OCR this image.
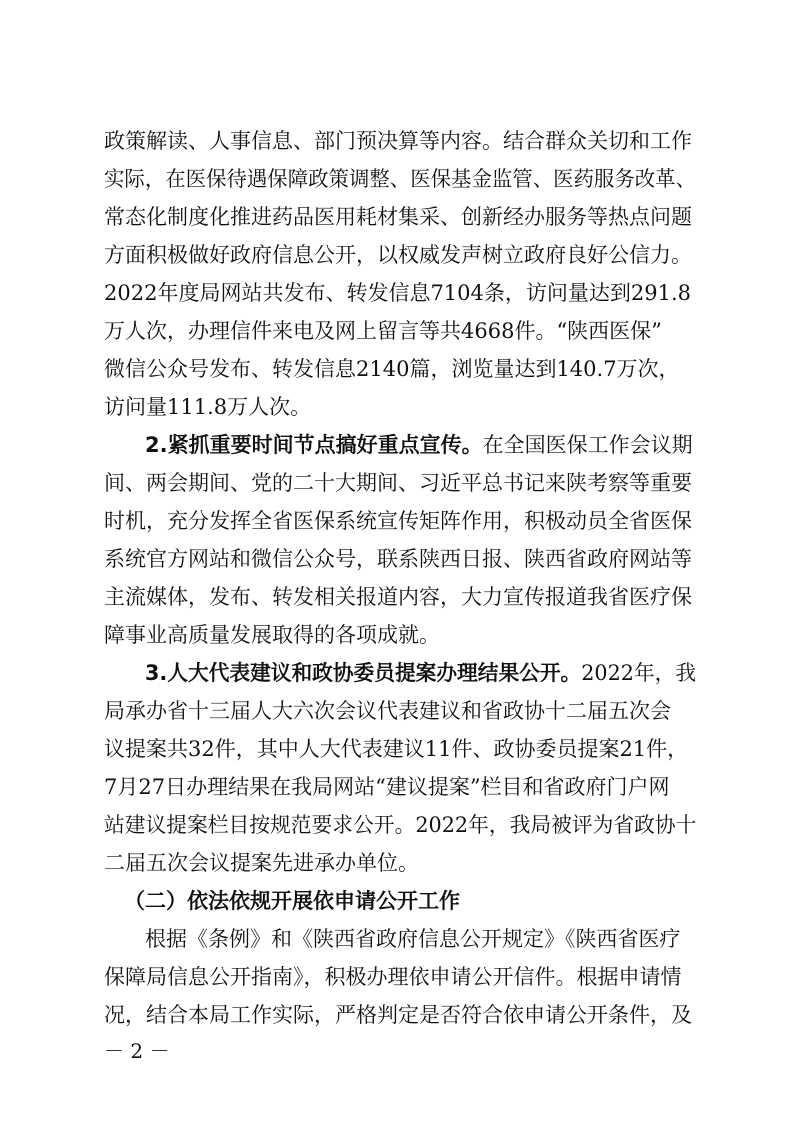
政策解读、人事信息、部门预决算等内容。结合群众关切和工作
实际，在医保待遇保障政策调整、医保基金监管、医药服务改革、
常态化制度化推进药品医用耗材集采、创新经办服务等热点问题
方面积极做好政府信息公开，以权威发声树立政府良好公信力。
2022年度局网站共发布、转发信息7104条，访问量达到291.8
万人次，办理信件来电及网上留言等共4668件。“陕西医保”
微信公众号发布、转发信息2140篇，浏览量达到140.7万次，
访问量111.8万人次。
2.紧抓重要时间节点搞好重点宣传。在全国医保工作会议期
间、两会期间、党的二十大期间、习近平总书记来陕考察等重要
时机，充分发挥全省医保系统宣传矩阵作用，积极动员全省医保
系统官方网站和微信公众号，联系陕西日报、陕西省政府网站等
主流媒体，发布、转发相关报道内容，大力宣传报道我省医疗保
障事业高质量发展取得的各项成就。
3.人大代表建议和政协委员提案办理结果公开。2022年，我
局承办省十三届人大六次会议代表建议和省政协十二届五次会
议提案共32件，其中人大代表建议11件、政协委员提案21件，
7月27日办理结果在我局网站“建议提案”栏目和省政府门户网
站建议提案栏目按规范要求公开。2022年，我局被评为省政协十
二届五次会议提案先进承办单位。
（二）依法依规开展依申请公开工作
根据《条例》和《陕西省政府信息公开规定》《陕西省医疗
保障局信息公开指南》，积极办理依申请公开信件。根据申请情
况，结合本局工作实际，严格判定是否符合依申请公开条件，及
－ 2 －
